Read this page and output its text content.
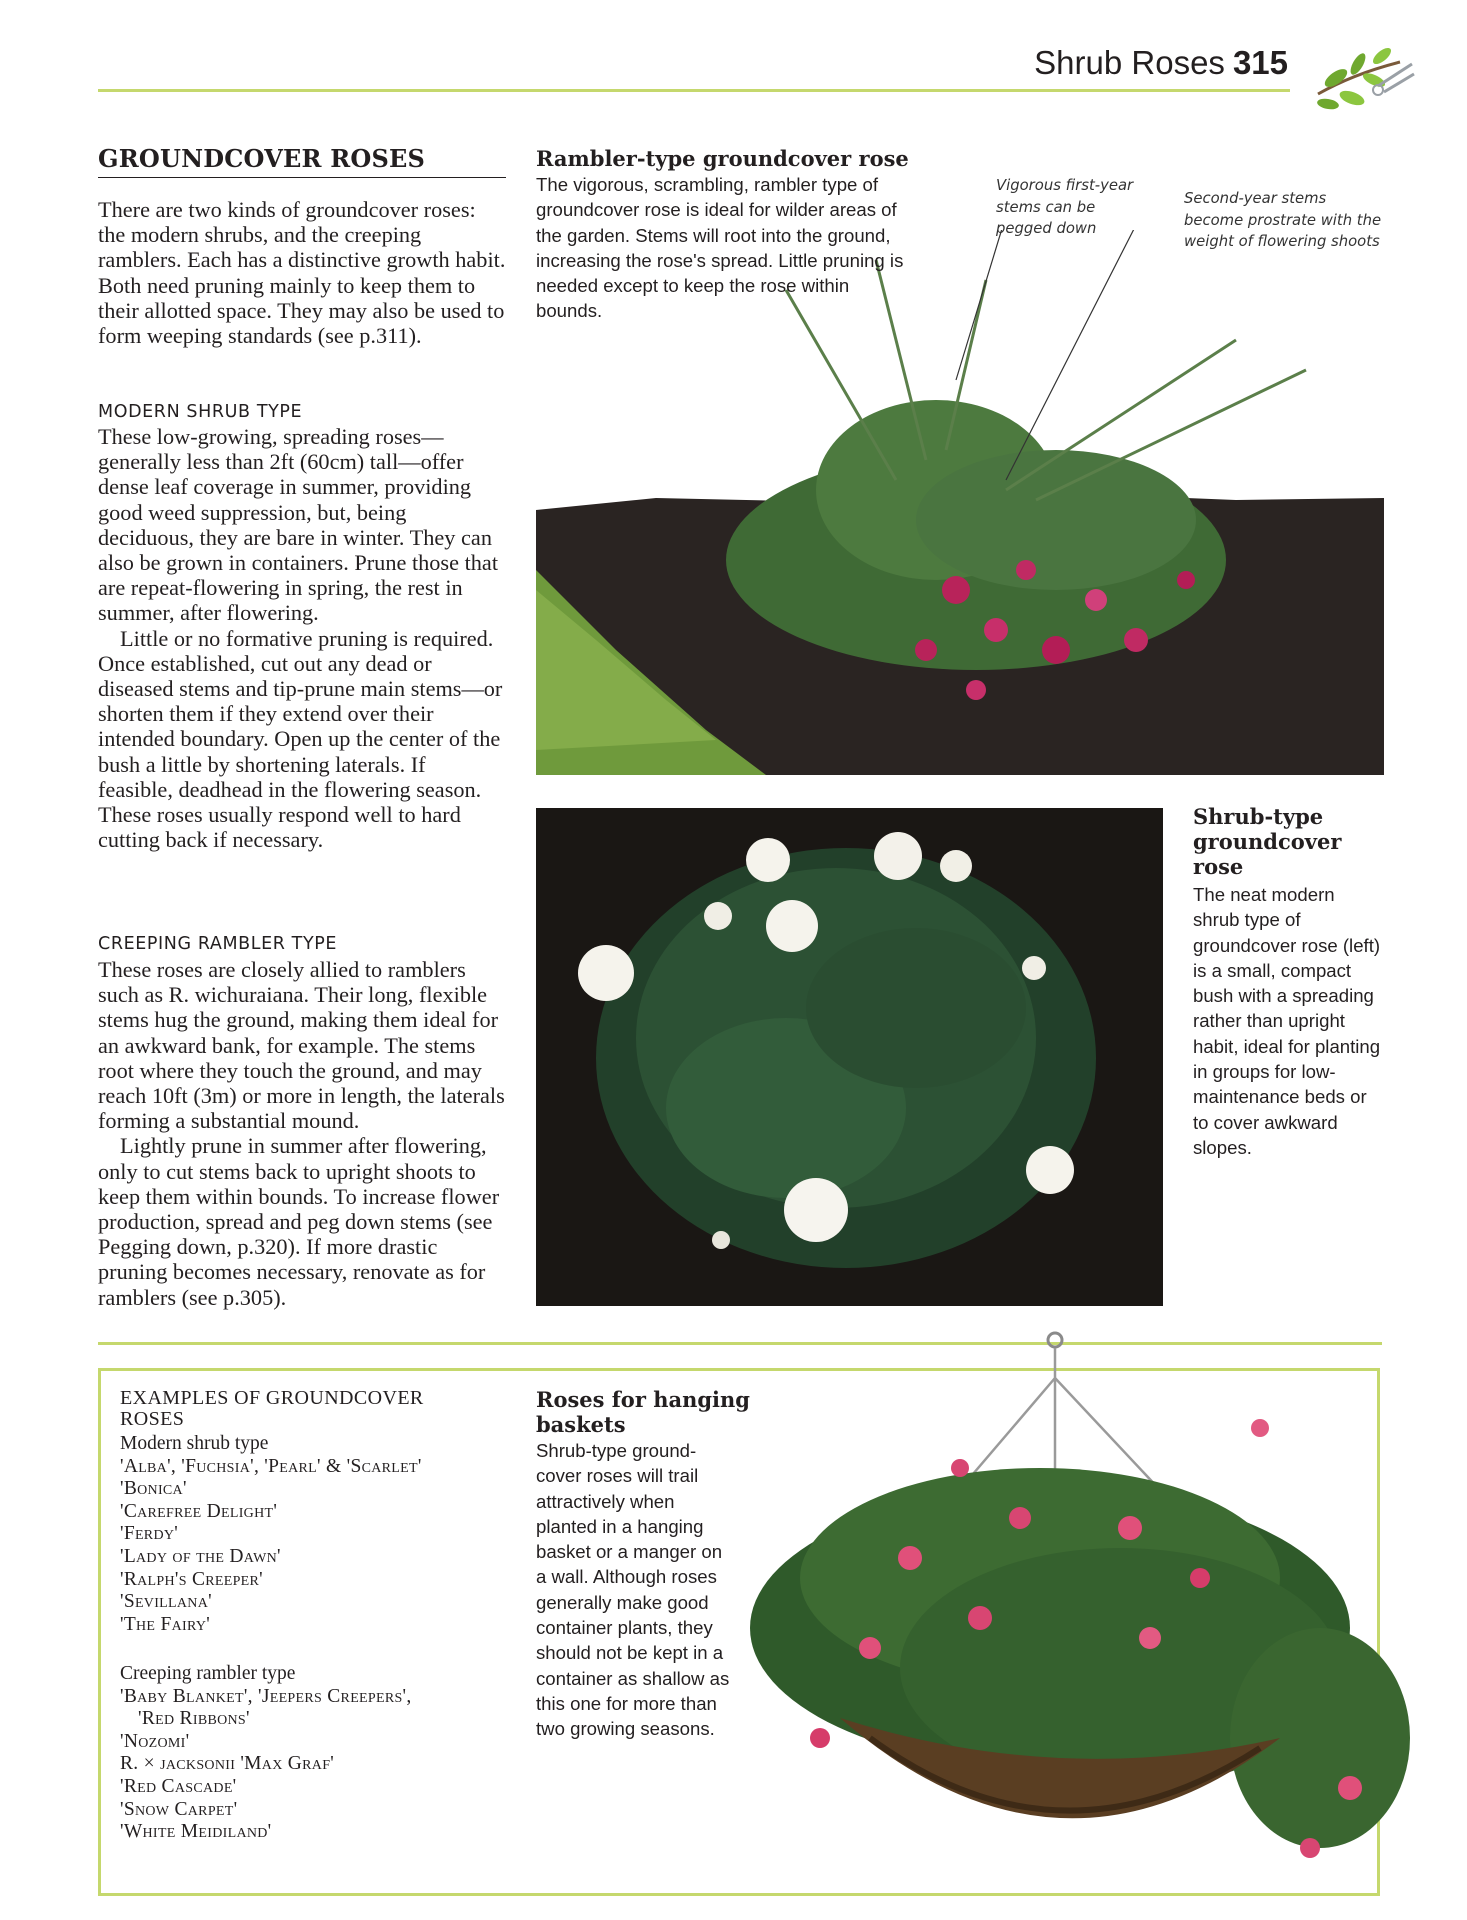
Shrub Roses 315
GROUNDCOVER ROSES

There are two kinds of groundcover roses: the modern shrubs, and the creeping ramblers. Each has a distinctive growth habit. Both need pruning mainly to keep them to their allotted space. They may also be used to form weeping standards (see p.311).

MODERN SHRUB TYPE

These low-growing, spreading roses—generally less than 2ft (60cm) tall—offer dense leaf coverage in summer, providing good weed suppression, but, being deciduous, they are bare in winter. They can also be grown in containers. Prune those that are repeat-flowering in spring, the rest in summer, after flowering.

Little or no formative pruning is required. Once established, cut out any dead or diseased stems and tip-prune main stems—or shorten them if they extend over their intended boundary. Open up the center of the bush a little by shortening laterals. If feasible, deadhead in the flowering season. These roses usually respond well to hard cutting back if necessary.

CREEPING RAMBLER TYPE

These roses are closely allied to ramblers such as R. wichuraiana. Their long, flexible stems hug the ground, making them ideal for an awkward bank, for example. The stems root where they touch the ground, and may reach 10ft (3m) or more in length, the laterals forming a substantial mound.

Lightly prune in summer after flowering, only to cut stems back to upright shoots to keep them within bounds. To increase flower production, spread and peg down stems (see Pegging down, p.320). If more drastic pruning becomes necessary, renovate as for ramblers (see p.305).

Rambler-type groundcover rose
The vigorous, scrambling, rambler type of groundcover rose is ideal for wilder areas of the garden. Stems will root into the ground, increasing the rose's spread. Little pruning is needed except to keep the rose within bounds.
Vigorous first-year stems can be pegged down
Second-year stems become prostrate with the weight of flowering shoots
Shrub-type groundcover rose
The neat modern shrub type of groundcover rose (left) is a small, compact bush with a spreading rather than upright habit, ideal for planting in groups for low-maintenance beds or to cover awkward slopes.
EXAMPLES OF GROUNDCOVER ROSES

Modern shrub type

'Alba', 'Fuchsia', 'Pearl' & 'Scarlet'

'Bonica'

'Carefree Delight'

'Ferdy'

'Lady of the Dawn'

'Ralph's Creeper'

'Sevillana'

'The Fairy'

Creeping rambler type

'Baby Blanket', 'Jeepers Creepers',

'Red Ribbons'

'Nozomi'

R. × jacksonii 'Max Graf'

'Red Cascade'

'Snow Carpet'

'White Meidiland'

Roses for hanging baskets
Shrub-type ground-cover roses will trail attractively when planted in a hanging basket or a manger on a wall. Although roses generally make good container plants, they should not be kept in a container as shallow as this one for more than two growing seasons.
